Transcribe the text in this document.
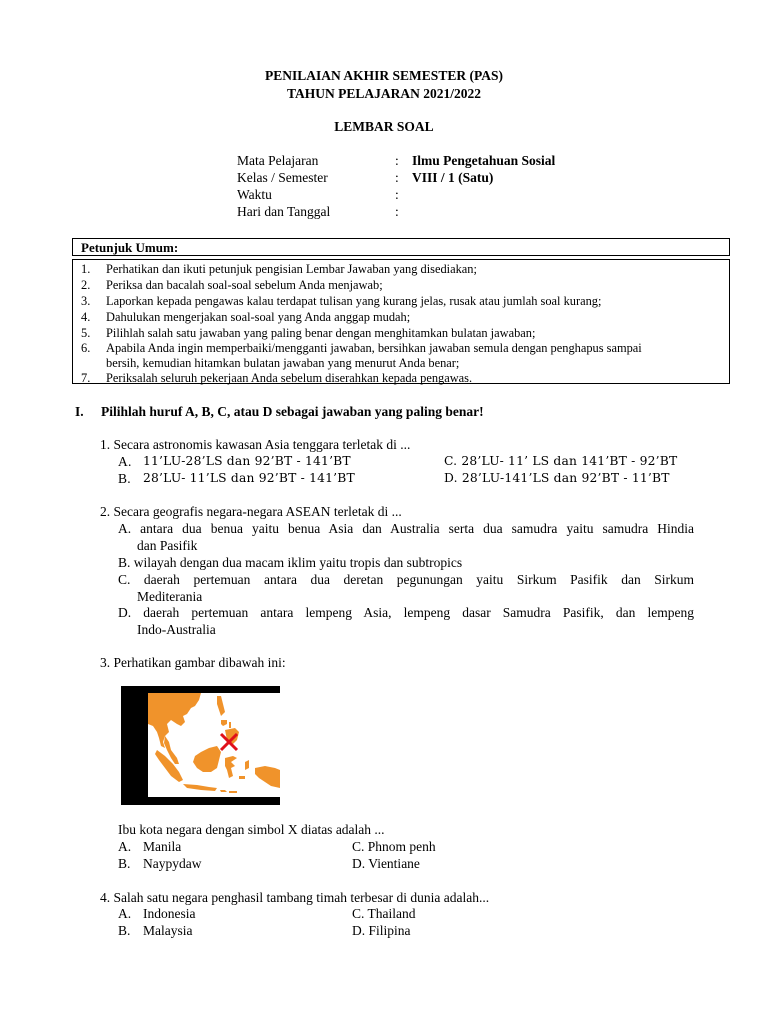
PENILAIAN AKHIR SEMESTER (PAS)
TAHUN PELAJARAN 2021/2022
LEMBAR SOAL
Mata Pelajaran	: Ilmu Pengetahuan Sosial
Kelas / Semester	: VIII / 1 (Satu)
Waktu	:
Hari dan Tanggal	:
Petunjuk Umum:
1. Perhatikan dan ikuti petunjuk pengisian Lembar Jawaban yang disediakan;
2. Periksa dan bacalah soal-soal sebelum Anda menjawab;
3. Laporkan kepada pengawas kalau terdapat tulisan yang kurang jelas, rusak atau jumlah soal kurang;
4. Dahulukan mengerjakan soal-soal yang Anda anggap mudah;
5. Pilihlah salah satu jawaban yang paling benar dengan menghitamkan bulatan jawaban;
6. Apabila Anda ingin memperbaiki/mengganti jawaban, bersihkan jawaban semula dengan penghapus sampai
bersih, kemudian hitamkan bulatan jawaban yang menurut Anda benar;
7. Periksalah seluruh pekerjaan Anda sebelum diserahkan kepada pengawas.
I. Pilihlah huruf A, B, C, atau D sebagai jawaban yang paling benar!
1. Secara astronomis kawasan Asia tenggara terletak di ...
A. 11’LU-28’LS dan 92’BT - 141’BT
B. 28’LU- 11’LS dan 92’BT - 141’BT
C. 28’LU- 11’ LS dan 141’BT - 92’BT
D. 28’LU-141’LS dan 92’BT - 11’BT
2. Secara geografis negara-negara ASEAN terletak di ...
A. antara dua benua yaitu benua Asia dan Australia serta dua samudra yaitu samudra Hindia
dan Pasifik
B. wilayah dengan dua macam iklim yaitu tropis dan subtropics
C. daerah pertemuan antara dua deretan pegunungan yaitu Sirkum Pasifik dan Sirkum
Mediterania
D. daerah pertemuan antara lempeng Asia, lempeng dasar Samudra Pasifik, dan lempeng
Indo-Australia
3. Perhatikan gambar dibawah ini:
Ibu kota negara dengan simbol X diatas adalah ...
A. Manila
B. Naypydaw
C. Phnom penh
D. Vientiane
4. Salah satu negara penghasil tambang timah terbesar di dunia adalah...
A. Indonesia
B. Malaysia
C. Thailand
D. Filipina
